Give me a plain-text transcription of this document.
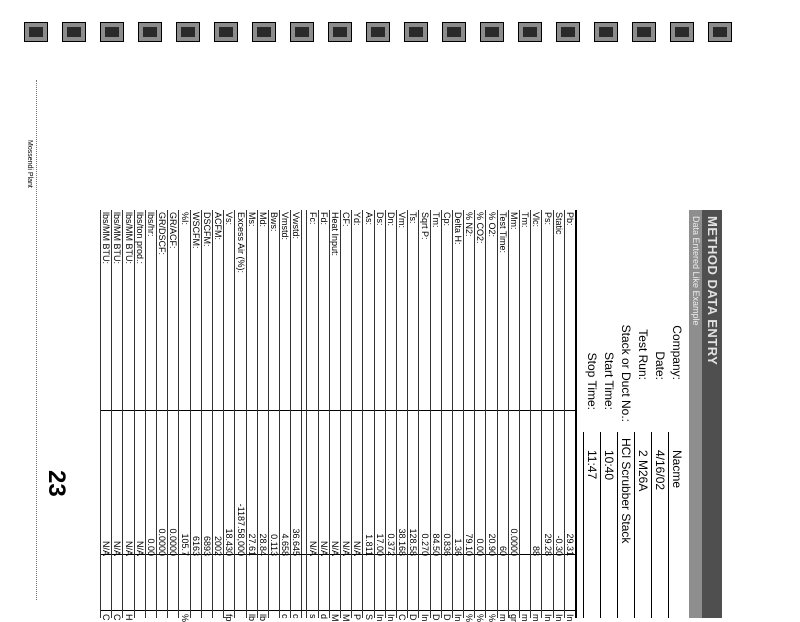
Mossendi Plant
23
METHOD DATA ENTRY
Data Entered Like Example
Company:
Nacme
Date:
4/16/02
Test Run:
2 M26A
Stack or Duct No.:
HCl Scrubber Stack
Start Time:
10:40
Stop Time:
11:47
Pb:
29.31
In
Static
-0.30
In
Ps:
29.28
In
Vlc:
88
m
Tm:
m
Mm:
0.0000
gr
Test Time:
60
m
% O2:
20.90
%
% CO2:
0.00
%
% N2:
79.10
%
Delta H:
1.36
In
Cp:
0.836
D
Tm:
84.50
D
Sqrt P:
0.270
In
Ts:
128.58
D
Vm:
38.168
C
Dn:
0.372
In
Ds:
17.00
In
As:
1.811
S
Yd:
N/A
P
CF:
N/A
M
Heat Input:
N/A
M
Fd:
N/A
d
Fc:
N/A
s
Vwstd:
36.645
c
Vmstd:
4.658
c
Bws:
0.113
Md:
28.84
lb
Ms:
27.61
lb
Excess Air (%):
-1187.58,000
Vs:
18.430
fp
ACFM:
2002
DSCFM:
6893
WSCFM:
6163
%I:
105.7
%
GR/ACF:
0.0000
GR/DSCF:
0.0000
lbs/hr:
0.00
lbs/ton prod.:
N/A
lbs/MM BTU:
N/A
H
lbs/MM BTU:
N/A
C
lbs/MM BTU:
N/A
C
